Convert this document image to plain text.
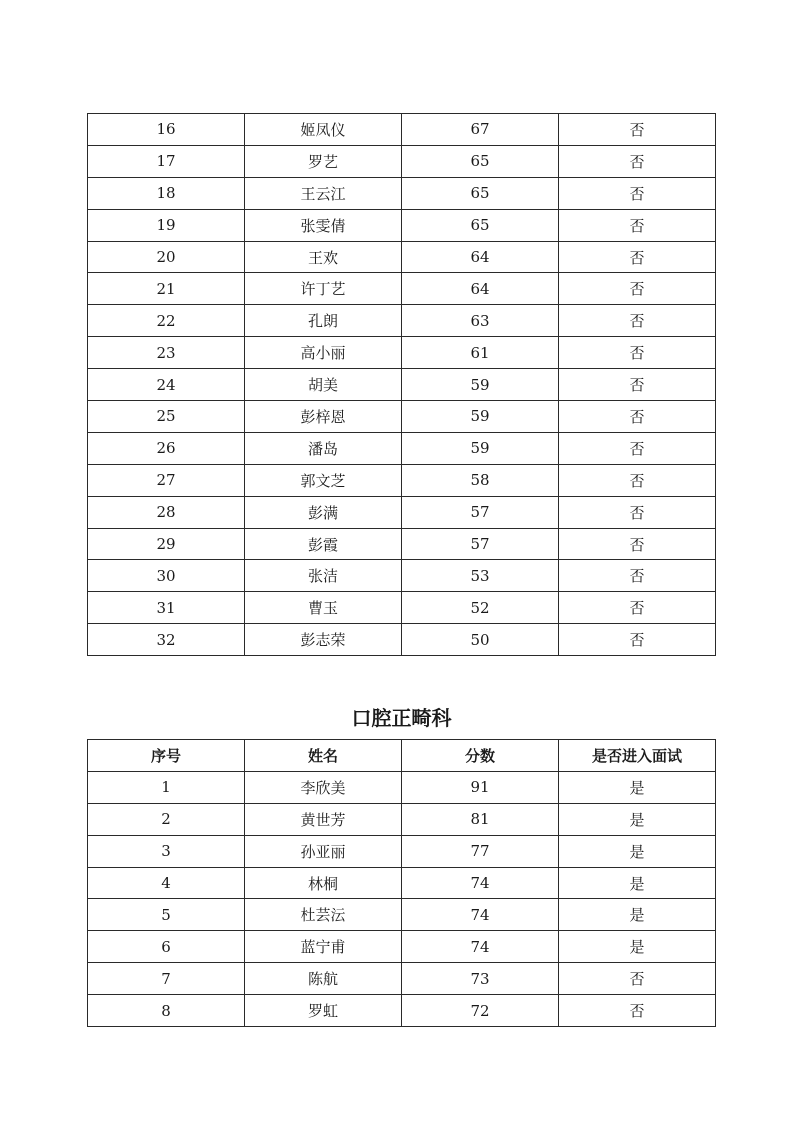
16	姬凤仪	67	否
17	罗艺	65	否
18	王云江	65	否
19	张雯倩	65	否
20	王欢	64	否
21	许丁艺	64	否
22	孔朗	63	否
23	高小丽	61	否
24	胡美	59	否
25	彭梓恩	59	否
26	潘岛	59	否
27	郭文芝	58	否
28	彭满	57	否
29	彭霞	57	否
30	张洁	53	否
31	曹玉	52	否
32	彭志荣	50	否
口腔正畸科
序号	姓名	分数	是否进入面试
1	李欣美	91	是
2	黄世芳	81	是
3	孙亚丽	77	是
4	林桐	74	是
5	杜芸沄	74	是
6	蓝宁甫	74	是
7	陈航	73	否
8	罗虹	72	否
